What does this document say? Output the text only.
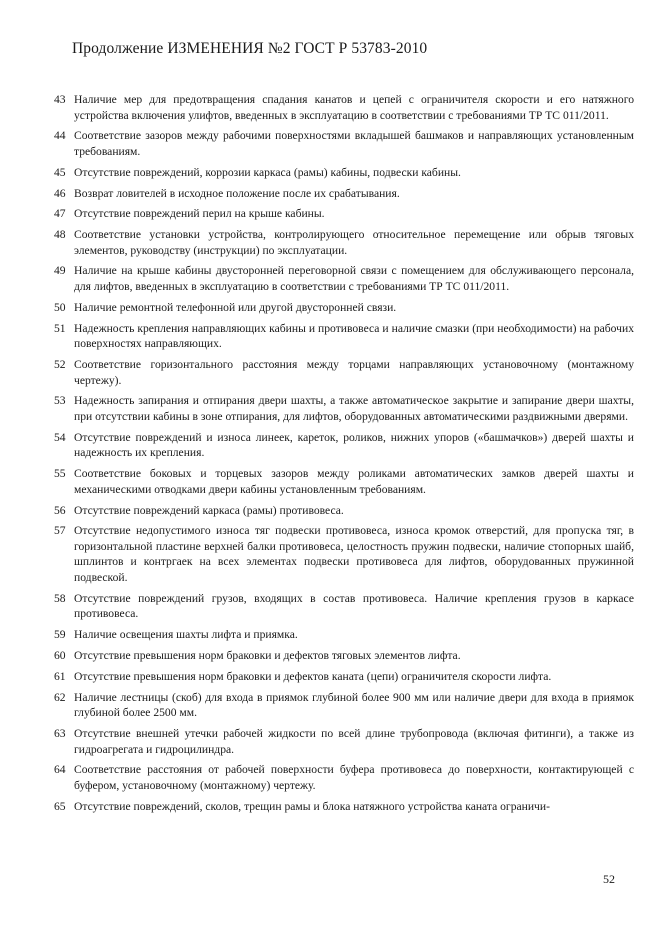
Продолжение ИЗМЕНЕНИЯ №2 ГОСТ Р 53783-2010
43 Наличие мер для предотвращения спадания канатов и цепей с ограничителя скорости и его натяжного устройства включения улифтов, введенных в эксплуатацию в соответствии с требованиями ТР ТС 011/2011.
44 Соответствие зазоров между рабочими поверхностями вкладышей башмаков и направляющих установленным требованиям.
45 Отсутствие повреждений, коррозии каркаса (рамы) кабины, подвески кабины.
46 Возврат ловителей в исходное положение после их срабатывания.
47 Отсутствие повреждений перил на крыше кабины.
48 Соответствие установки устройства, контролирующего относительное перемещение или обрыв тяговых элементов, руководству (инструкции) по эксплуатации.
49 Наличие на крыше кабины двусторонней переговорной связи с помещением для обслуживающего персонала, для лифтов, введенных в эксплуатацию в соответствии с требованиями ТР ТС 011/2011.
50 Наличие ремонтной телефонной или другой двусторонней связи.
51 Надежность крепления направляющих кабины и противовеса и наличие смазки (при необходимости) на рабочих поверхностях направляющих.
52 Соответствие горизонтального расстояния между торцами направляющих установочному (монтажному чертежу).
53 Надежность запирания и отпирания двери шахты, а также автоматическое закрытие и запирание двери шахты, при отсутствии кабины в зоне отпирания, для лифтов, оборудованных автоматическими раздвижными дверями.
54 Отсутствие повреждений и износа линеек, кареток, роликов, нижних упоров («башмачков») дверей шахты и надежность их крепления.
55 Соответствие боковых и торцевых зазоров между роликами автоматических замков дверей шахты и механическими отводками двери кабины установленным требованиям.
56 Отсутствие повреждений каркаса (рамы) противовеса.
57 Отсутствие недопустимого износа тяг подвески противовеса, износа кромок отверстий, для пропуска тяг, в горизонтальной пластине верхней балки противовеса, целостность пружин подвески, наличие стопорных шайб, шплинтов и контргаек на всех элементах подвески противовеса для лифтов, оборудованных пружинной подвеской.
58 Отсутствие повреждений грузов, входящих в состав противовеса. Наличие крепления грузов в каркасе противовеса.
59 Наличие освещения шахты лифта и приямка.
60 Отсутствие превышения норм браковки и дефектов тяговых элементов лифта.
61 Отсутствие превышения норм браковки и дефектов каната (цепи) ограничителя скорости лифта.
62 Наличие лестницы (скоб) для входа в приямок глубиной более 900 мм или наличие двери для входа в приямок глубиной более 2500 мм.
63 Отсутствие внешней утечки рабочей жидкости по всей длине трубопровода (включая фитинги), а также из гидроагрегата и гидроцилиндра.
64 Соответствие расстояния от рабочей поверхности буфера противовеса до поверхности, контактирующей с буфером, установочному (монтажному) чертежу.
65 Отсутствие повреждений, сколов, трещин рамы и блока натяжного устройства каната ограничи-
52
